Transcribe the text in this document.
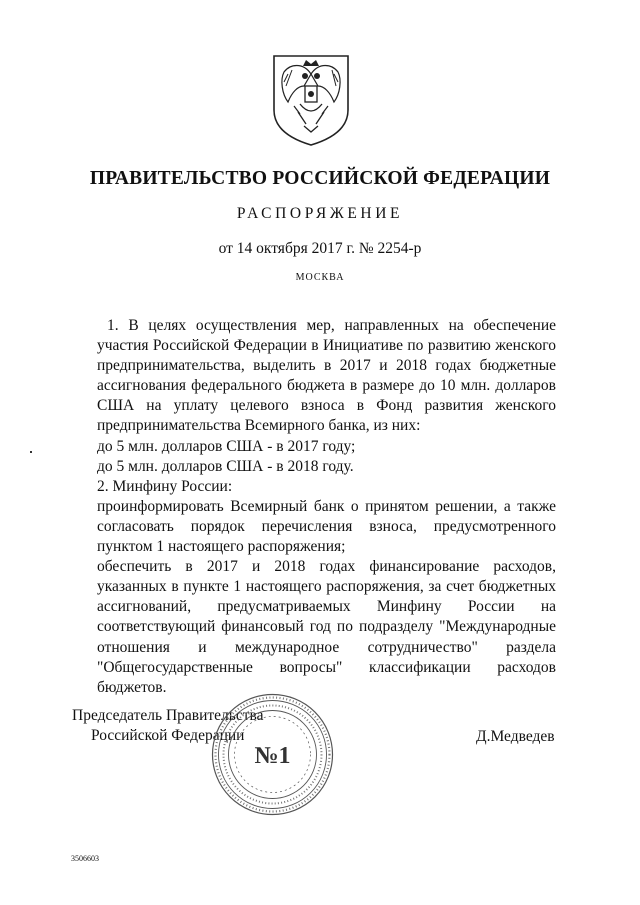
ПРАВИТЕЛЬСТВО РОССИЙСКОЙ ФЕДЕРАЦИИ
РАСПОРЯЖЕНИЕ
от 14 октября 2017 г. № 2254-р
МОСКВА

1. В целях осуществления мер, направленных на обеспечение участия Российской Федерации в Инициативе по развитию женского предпринимательства, выделить в 2017 и 2018 годах бюджетные ассигнования федерального бюджета в размере до 10 млн. долларов США на уплату целевого взноса в Фонд развития женского предпринимательства Всемирного банка, из них:

до 5 млн. долларов США - в 2017 году;

до 5 млн. долларов США - в 2018 году.

2. Минфину России:

проинформировать Всемирный банк о принятом решении, а также согласовать порядок перечисления взноса, предусмотренного пунктом 1 настоящего распоряжения;

обеспечить в 2017 и 2018 годах финансирование расходов, указанных в пункте 1 настоящего распоряжения, за счет бюджетных ассигнований, предусматриваемых Минфину России на соответствующий финансовый год по подразделу "Международные отношения и международное сотрудничество" раздела "Общегосударственные вопросы" классификации расходов бюджетов.

Председатель Правительства
Российской Федерации	Д.Медведев
№1
3506603
